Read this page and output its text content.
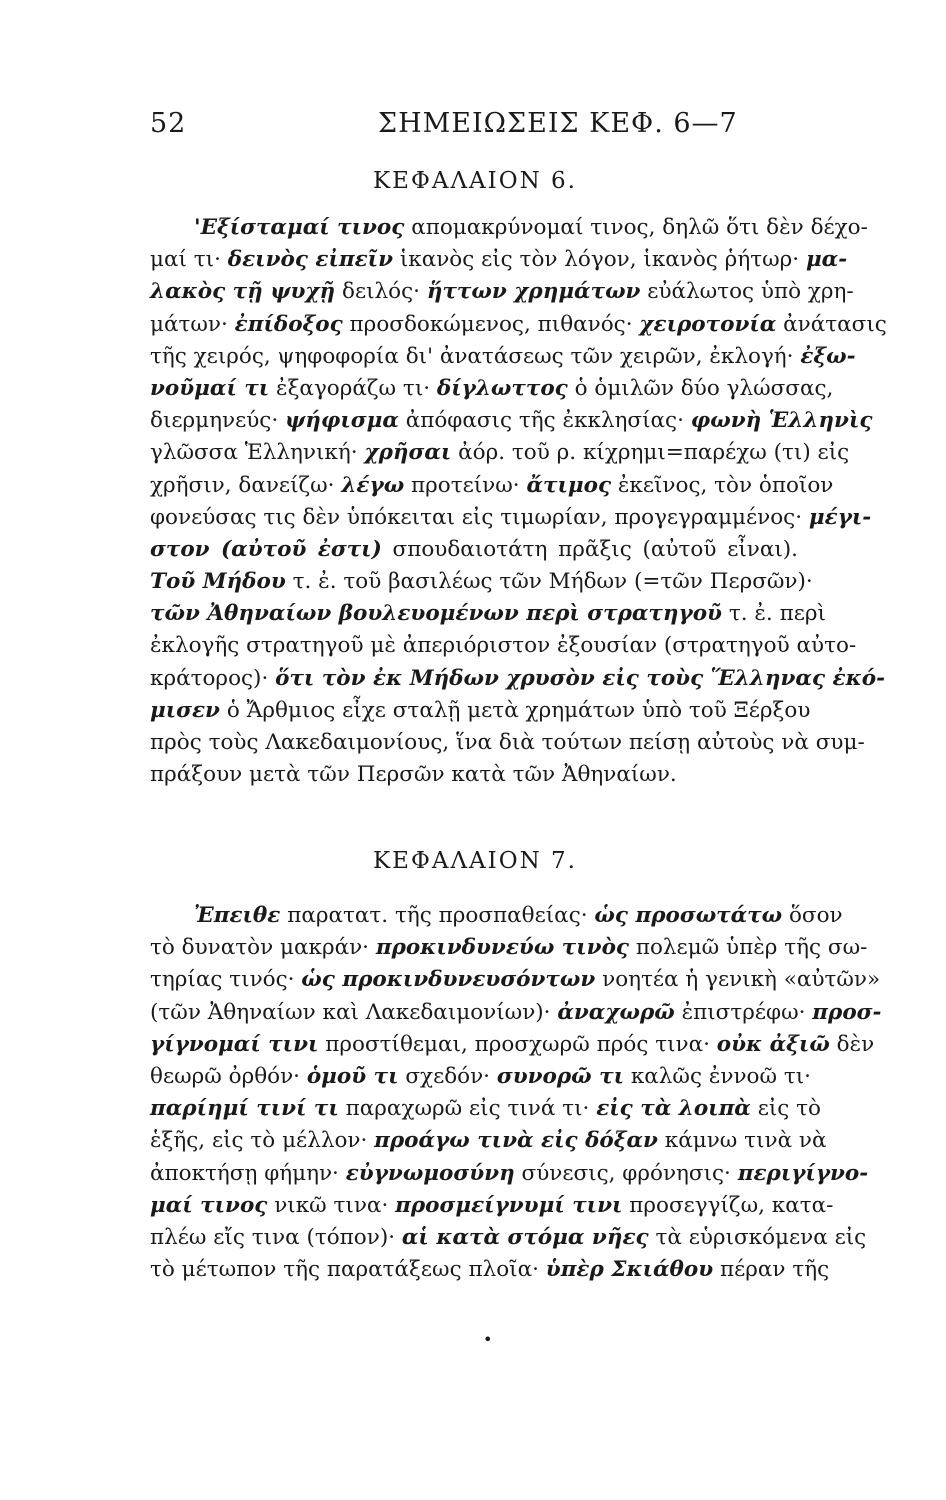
52	ΣΗΜΕΙΩΣΕΙΣ ΚΕΦ. 6—7
ΚΕΦΑΛΑΙΟΝ 6.
'Εξίσταμαί τινος απομακρύνομαί τινος, δηλῶ ὅτι δὲν δέχο-
μαί τι· δεινὸς εἰπεῖν ἱκανὸς εἰς τὸν λόγον, ἱκανὸς ῥήτωρ· μα-
λακὸς τῇ ψυχῇ δειλός· ἥττων χρημάτων εὐάλωτος ὑπὸ χρη-
μάτων· ἐπίδοξος προσδοκώμενος, πιθανός· χειροτονία ἀνάτασις
τῆς χειρός, ψηφοφορία δι' ἀνατάσεως τῶν χειρῶν, ἐκλογή· ἐξω-
νοῦμαί τι ἐξαγοράζω τι· δίγλωττος ὁ ὁμιλῶν δύο γλώσσας,
διερμηνεύς· ψήφισμα ἀπόφασις τῆς ἐκκλησίας· φωνὴ Ἑλληνὶς
γλῶσσα Ἑλληνική· χρῆσαι ἀόρ. τοῦ ρ. κίχρημι=παρέχω (τι) εἰς
χρῆσιν, δανείζω· λέγω προτείνω· ἄτιμος ἐκεῖνος, τὸν ὁποῖον
φονεύσας τις δὲν ὑπόκειται εἰς τιμωρίαν, προγεγραμμένος· μέγι-
στον (αὐτοῦ ἐστι) σπουδαιοτάτη πρᾶξις (αὐτοῦ εἶναι).
Τοῦ Μήδου τ. ἐ. τοῦ βασιλέως τῶν Μήδων (=τῶν Περσῶν)·
τῶν Ἀθηναίων βουλευομένων περὶ στρατηγοῦ τ. ἐ. περὶ
ἐκλογῆς στρατηγοῦ μὲ ἀπεριόριστον ἐξουσίαν (στρατηγοῦ αὐτο-
κράτορος)· ὅτι τὸν ἐκ Μήδων χρυσὸν εἰς τοὺς Ἕλληνας ἐκό-
μισεν ὁ Ἄρθμιος εἶχε σταλῇ μετὰ χρημάτων ὑπὸ τοῦ Ξέρξου
πρὸς τοὺς Λακεδαιμονίους, ἵνα διὰ τούτων πείσῃ αὐτοὺς νὰ συμ-
πράξουν μετὰ τῶν Περσῶν κατὰ τῶν Ἀθηναίων.
ΚΕΦΑΛΑΙΟΝ 7.
Ἐπειθε παρατατ. τῆς προσπαθείας· ὡς προσωτάτω ὅσον
τὸ δυνατὸν μακράν· προκινδυνεύω τινὸς πολεμῶ ὑπὲρ τῆς σω-
τηρίας τινός· ὡς προκινδυνευσόντων νοητέα ἡ γενικὴ «αὐτῶν»
(τῶν Ἀθηναίων καὶ Λακεδαιμονίων)· ἀναχωρῶ ἐπιστρέφω· προσ-
γίγνομαί τινι προστίθεμαι, προσχωρῶ πρός τινα· οὐκ ἀξιῶ δὲν
θεωρῶ ὀρθόν· ὁμοῦ τι σχεδόν· συνορῶ τι καλῶς ἐννοῶ τι·
παρίημί τινί τι παραχωρῶ εἰς τινά τι· εἰς τὰ λοιπὰ εἰς τὸ
ἑξῆς, εἰς τὸ μέλλον· προάγω τινὰ εἰς δόξαν κάμνω τινὰ νὰ
ἀποκτήσῃ φήμην· εὐγνωμοσύνη σύνεσις, φρόνησις· περιγίγνο-
μαί τινος νικῶ τινα· προσμείγνυμί τινι προσεγγίζω, κατα-
πλέω εἴς τινα (τόπον)· αἱ κατὰ στόμα νῆες τὰ εὑρισκόμενα εἰς
τὸ μέτωπον τῆς παρατάξεως πλοῖα· ὑπὲρ Σκιάθου πέραν τῆς
•
